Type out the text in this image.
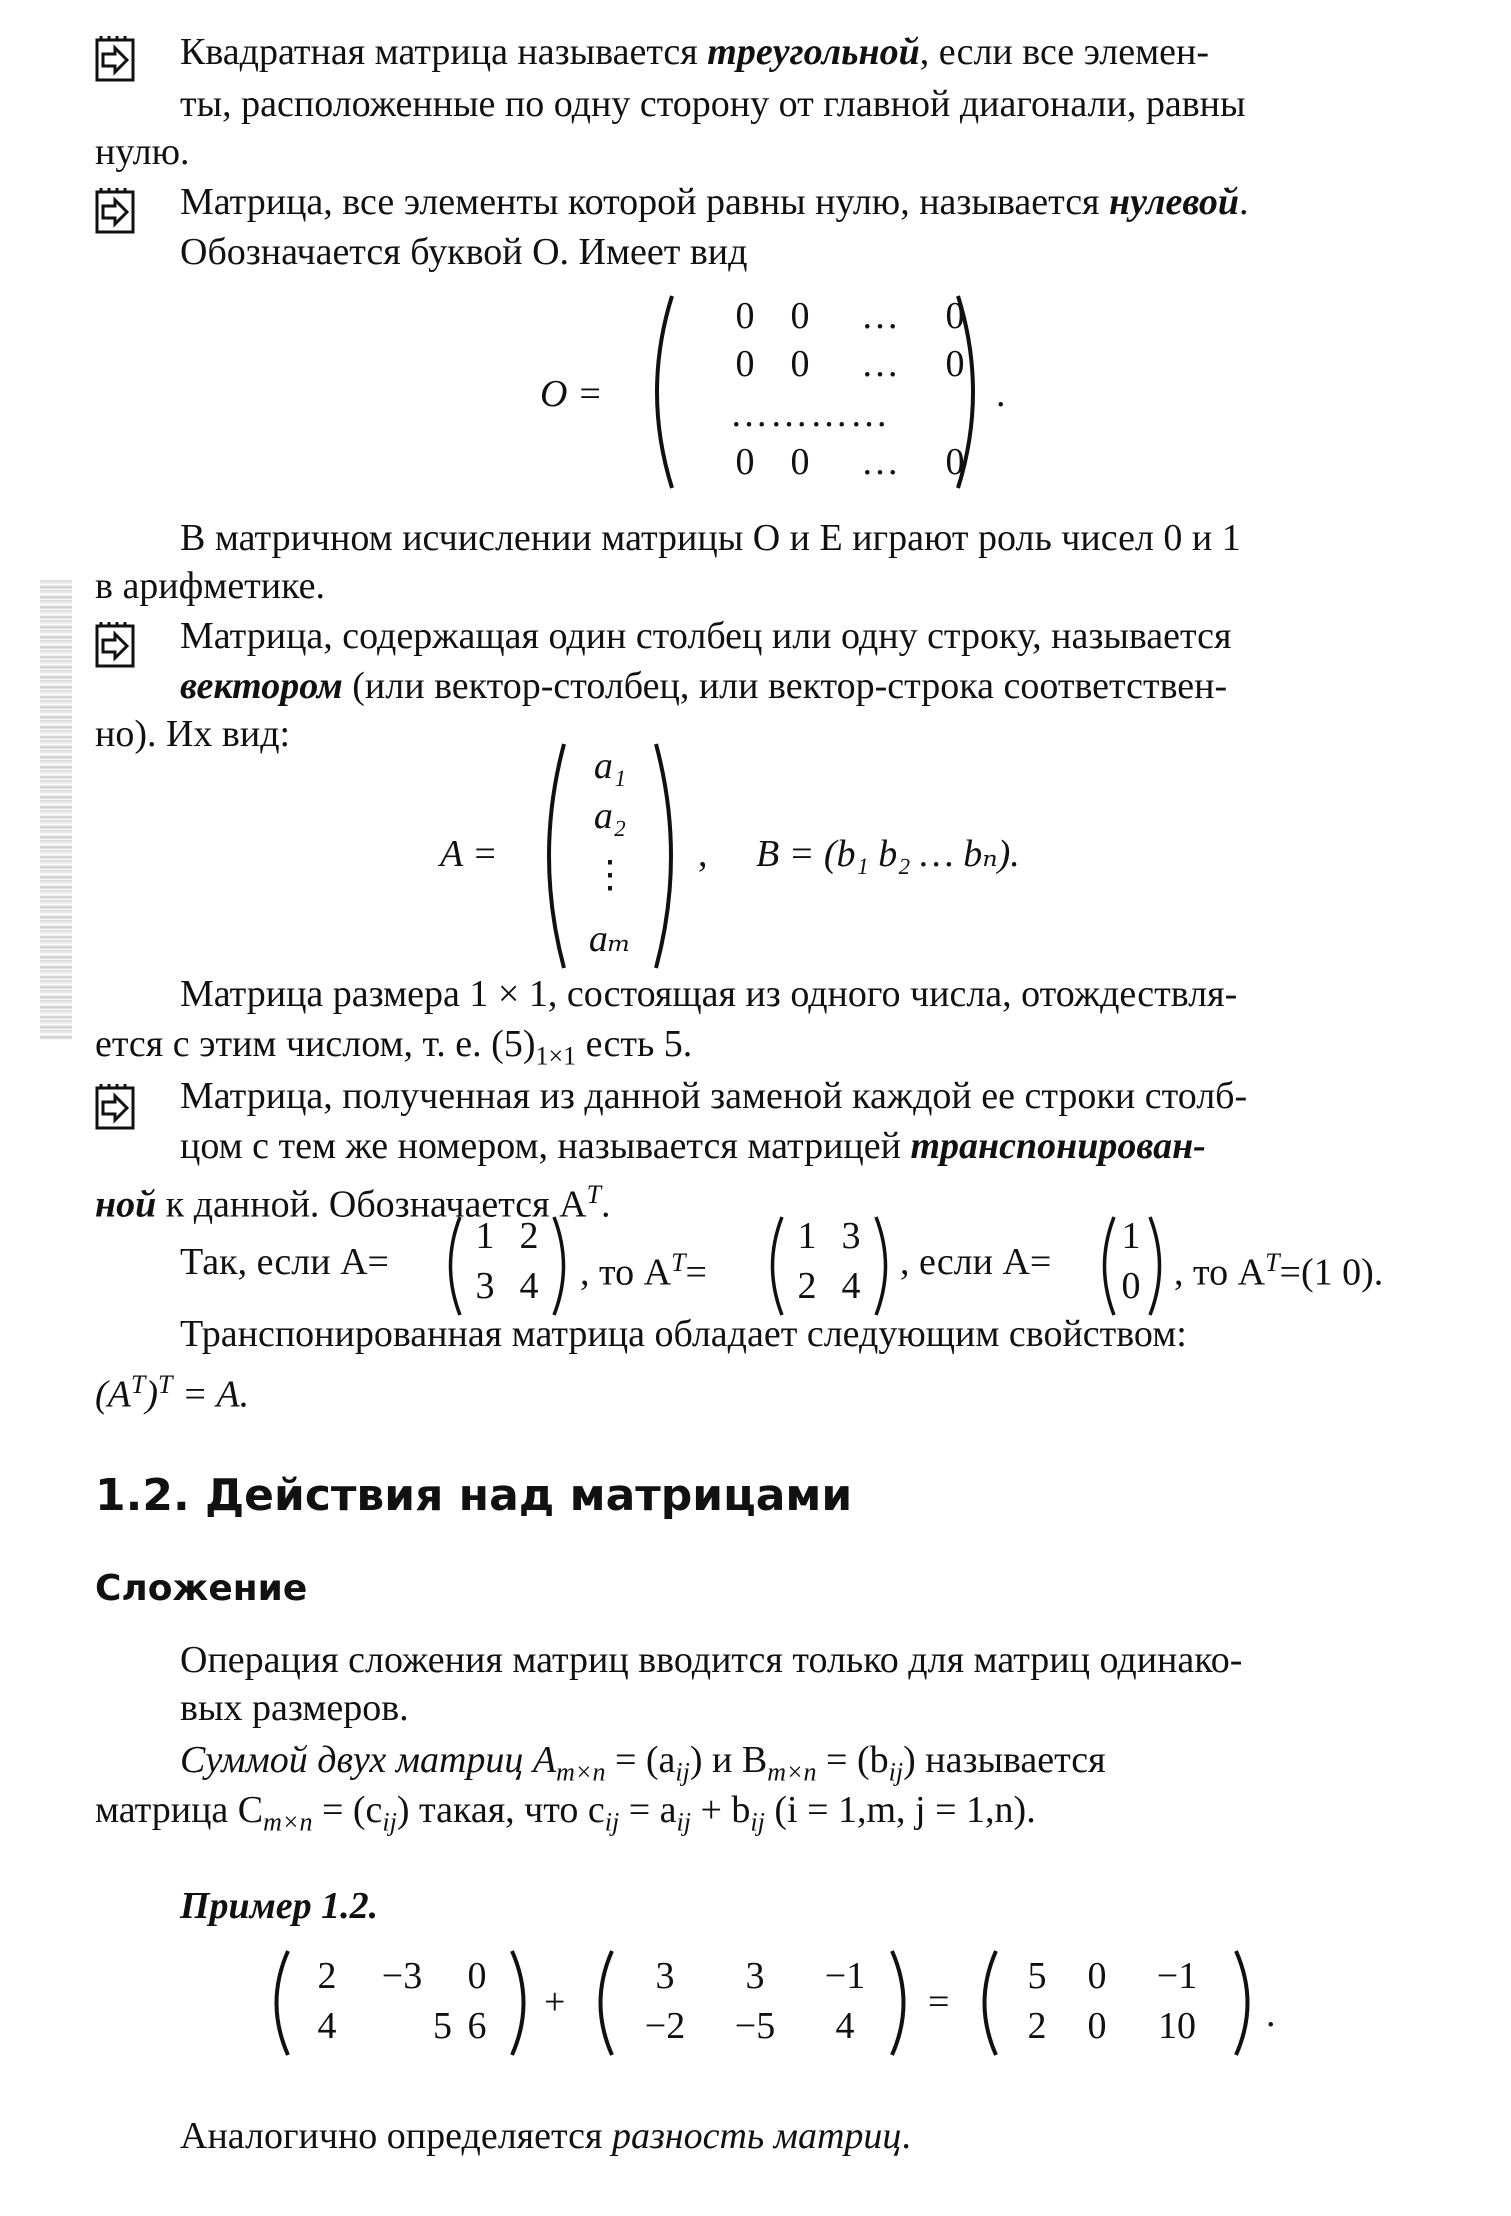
Квадратная матрица называется треугольной, если все элемен-
ты, расположенные по одну сторону от главной диагонали, равны
нулю.
Матрица, все элементы которой равны нулю, называется нулевой.
Обозначается буквой O. Имеет вид
O =
0 0 … 0
0 0 … 0
…………
0 0 … 0
.
В матричном исчислении матрицы O и E играют роль чисел 0 и 1
в арифметике.
Матрица, содержащая один столбец или одну строку, называется
вектором (или вектор-столбец, или вектор-строка соответствен-
но). Их вид:
A =
a₁
a₂
⋮
aₘ
, B = (b₁ b₂ … bₙ).
Матрица размера 1 × 1, состоящая из одного числа, отождествля-
ется с этим числом, т. е. $(5)_{1\times 1}$ есть 5.
Матрица, полученная из данной заменой каждой ее строки столб-
цом с тем же номером, называется матрицей транспонирован-
ной к данной. Обозначается $A^T$.
Так, если A=
1 2
3 4	, то $A^T=$
1 3
2 4
, если A=
1
0 , то $A^T=(1$ 0).
Транспонированная матрица обладает следующим свойством:
$(A^T)^T = A$.
1.2. Действия над матрицами
Сложение
Операция сложения матриц вводится только для матриц одинако-
вых размеров.
Суммой двух матриц $A_{m\times n} = (a_{ij})$ и $B_{m\times n} = (b_{ij})$ называется
матрица $C_{m\times n} = (c_{ij})$ такая, что $c_{ij} = a_{ij} + b_{ij}$ (i = 1,m, j = 1,n).
Пример 1.2.
2 −3 0
4	5 6
+
3 3 −1
−2 −5 4
=
5 0 −1
2 0 10	.
Аналогично определяется разность матриц.
